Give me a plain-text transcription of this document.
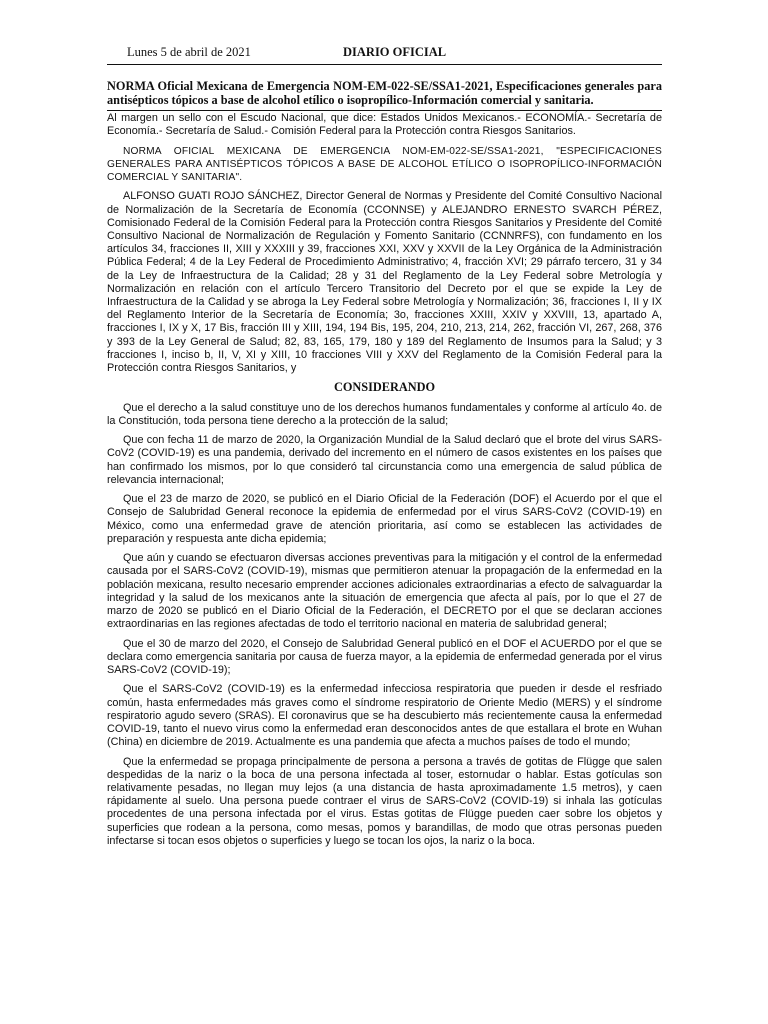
Lunes 5 de abril de 2021	DIARIO OFICIAL
NORMA Oficial Mexicana de Emergencia NOM-EM-022-SE/SSA1-2021, Especificaciones generales para antisépticos tópicos a base de alcohol etílico o isopropílico-Información comercial y sanitaria.

Al margen un sello con el Escudo Nacional, que dice: Estados Unidos Mexicanos.- ECONOMÍA.- Secretaría de Economía.- Secretaría de Salud.- Comisión Federal para la Protección contra Riesgos Sanitarios.

NORMA OFICIAL MEXICANA DE EMERGENCIA NOM-EM-022-SE/SSA1-2021, "ESPECIFICACIONES GENERALES PARA ANTISÉPTICOS TÓPICOS A BASE DE ALCOHOL ETÍLICO O ISOPROPÍLICO-INFORMACIÓN COMERCIAL Y SANITARIA".

ALFONSO GUATI ROJO SÁNCHEZ, Director General de Normas y Presidente del Comité Consultivo Nacional de Normalización de la Secretaría de Economía (CCONNSE) y ALEJANDRO ERNESTO SVARCH PÉREZ, Comisionado Federal de la Comisión Federal para la Protección contra Riesgos Sanitarios y Presidente del Comité Consultivo Nacional de Normalización de Regulación y Fomento Sanitario (CCNNRFS), con fundamento en los artículos 34, fracciones II, XIII y XXXIII y 39, fracciones XXI, XXV y XXVII de la Ley Orgánica de la Administración Pública Federal; 4 de la Ley Federal de Procedimiento Administrativo; 4, fracción XVI; 29 párrafo tercero, 31 y 34 de la Ley de Infraestructura de la Calidad; 28 y 31 del Reglamento de la Ley Federal sobre Metrología y Normalización en relación con el artículo Tercero Transitorio del Decreto por el que se expide la Ley de Infraestructura de la Calidad y se abroga la Ley Federal sobre Metrología y Normalización; 36, fracciones I, II y IX del Reglamento Interior de la Secretaría de Economía; 3o, fracciones XXIII, XXIV y XXVIII, 13, apartado A, fracciones I, IX y X, 17 Bis, fracción III y XIII, 194, 194 Bis, 195, 204, 210, 213, 214, 262, fracción VI, 267, 268, 376 y 393 de la Ley General de Salud; 82, 83, 165, 179, 180 y 189 del Reglamento de Insumos para la Salud; y 3 fracciones I, inciso b, II, V, XI y XIII, 10 fracciones VIII y XXV del Reglamento de la Comisión Federal para la Protección contra Riesgos Sanitarios, y

CONSIDERANDO

Que el derecho a la salud constituye uno de los derechos humanos fundamentales y conforme al artículo 4o. de la Constitución, toda persona tiene derecho a la protección de la salud;

Que con fecha 11 de marzo de 2020, la Organización Mundial de la Salud declaró que el brote del virus SARS-CoV2 (COVID-19) es una pandemia, derivado del incremento en el número de casos existentes en los países que han confirmado los mismos, por lo que consideró tal circunstancia como una emergencia de salud pública de relevancia internacional;

Que el 23 de marzo de 2020, se publicó en el Diario Oficial de la Federación (DOF) el Acuerdo por el que el Consejo de Salubridad General reconoce la epidemia de enfermedad por el virus SARS-CoV2 (COVID-19) en México, como una enfermedad grave de atención prioritaria, así como se establecen las actividades de preparación y respuesta ante dicha epidemia;

Que aún y cuando se efectuaron diversas acciones preventivas para la mitigación y el control de la enfermedad causada por el SARS-CoV2 (COVID-19), mismas que permitieron atenuar la propagación de la enfermedad en la población mexicana, resulto necesario emprender acciones adicionales extraordinarias a efecto de salvaguardar la integridad y la salud de los mexicanos ante la situación de emergencia que afecta al país, por lo que el 27 de marzo de 2020 se publicó en el Diario Oficial de la Federación, el DECRETO por el que se declaran acciones extraordinarias en las regiones afectadas de todo el territorio nacional en materia de salubridad general;

Que el 30 de marzo del 2020, el Consejo de Salubridad General publicó en el DOF el ACUERDO por el que se declara como emergencia sanitaria por causa de fuerza mayor, a la epidemia de enfermedad generada por el virus SARS-CoV2 (COVID-19);

Que el SARS-CoV2 (COVID-19) es la enfermedad infecciosa respiratoria que pueden ir desde el resfriado común, hasta enfermedades más graves como el síndrome respiratorio de Oriente Medio (MERS) y el síndrome respiratorio agudo severo (SRAS). El coronavirus que se ha descubierto más recientemente causa la enfermedad COVID-19, tanto el nuevo virus como la enfermedad eran desconocidos antes de que estallara el brote en Wuhan (China) en diciembre de 2019. Actualmente es una pandemia que afecta a muchos países de todo el mundo;

Que la enfermedad se propaga principalmente de persona a persona a través de gotitas de Flügge que salen despedidas de la nariz o la boca de una persona infectada al toser, estornudar o hablar. Estas gotículas son relativamente pesadas, no llegan muy lejos (a una distancia de hasta aproximadamente 1.5 metros), y caen rápidamente al suelo. Una persona puede contraer el virus de SARS-CoV2 (COVID-19) si inhala las gotículas procedentes de una persona infectada por el virus. Estas gotitas de Flügge pueden caer sobre los objetos y superficies que rodean a la persona, como mesas, pomos y barandillas, de modo que otras personas pueden infectarse si tocan esos objetos o superficies y luego se tocan los ojos, la nariz o la boca.
